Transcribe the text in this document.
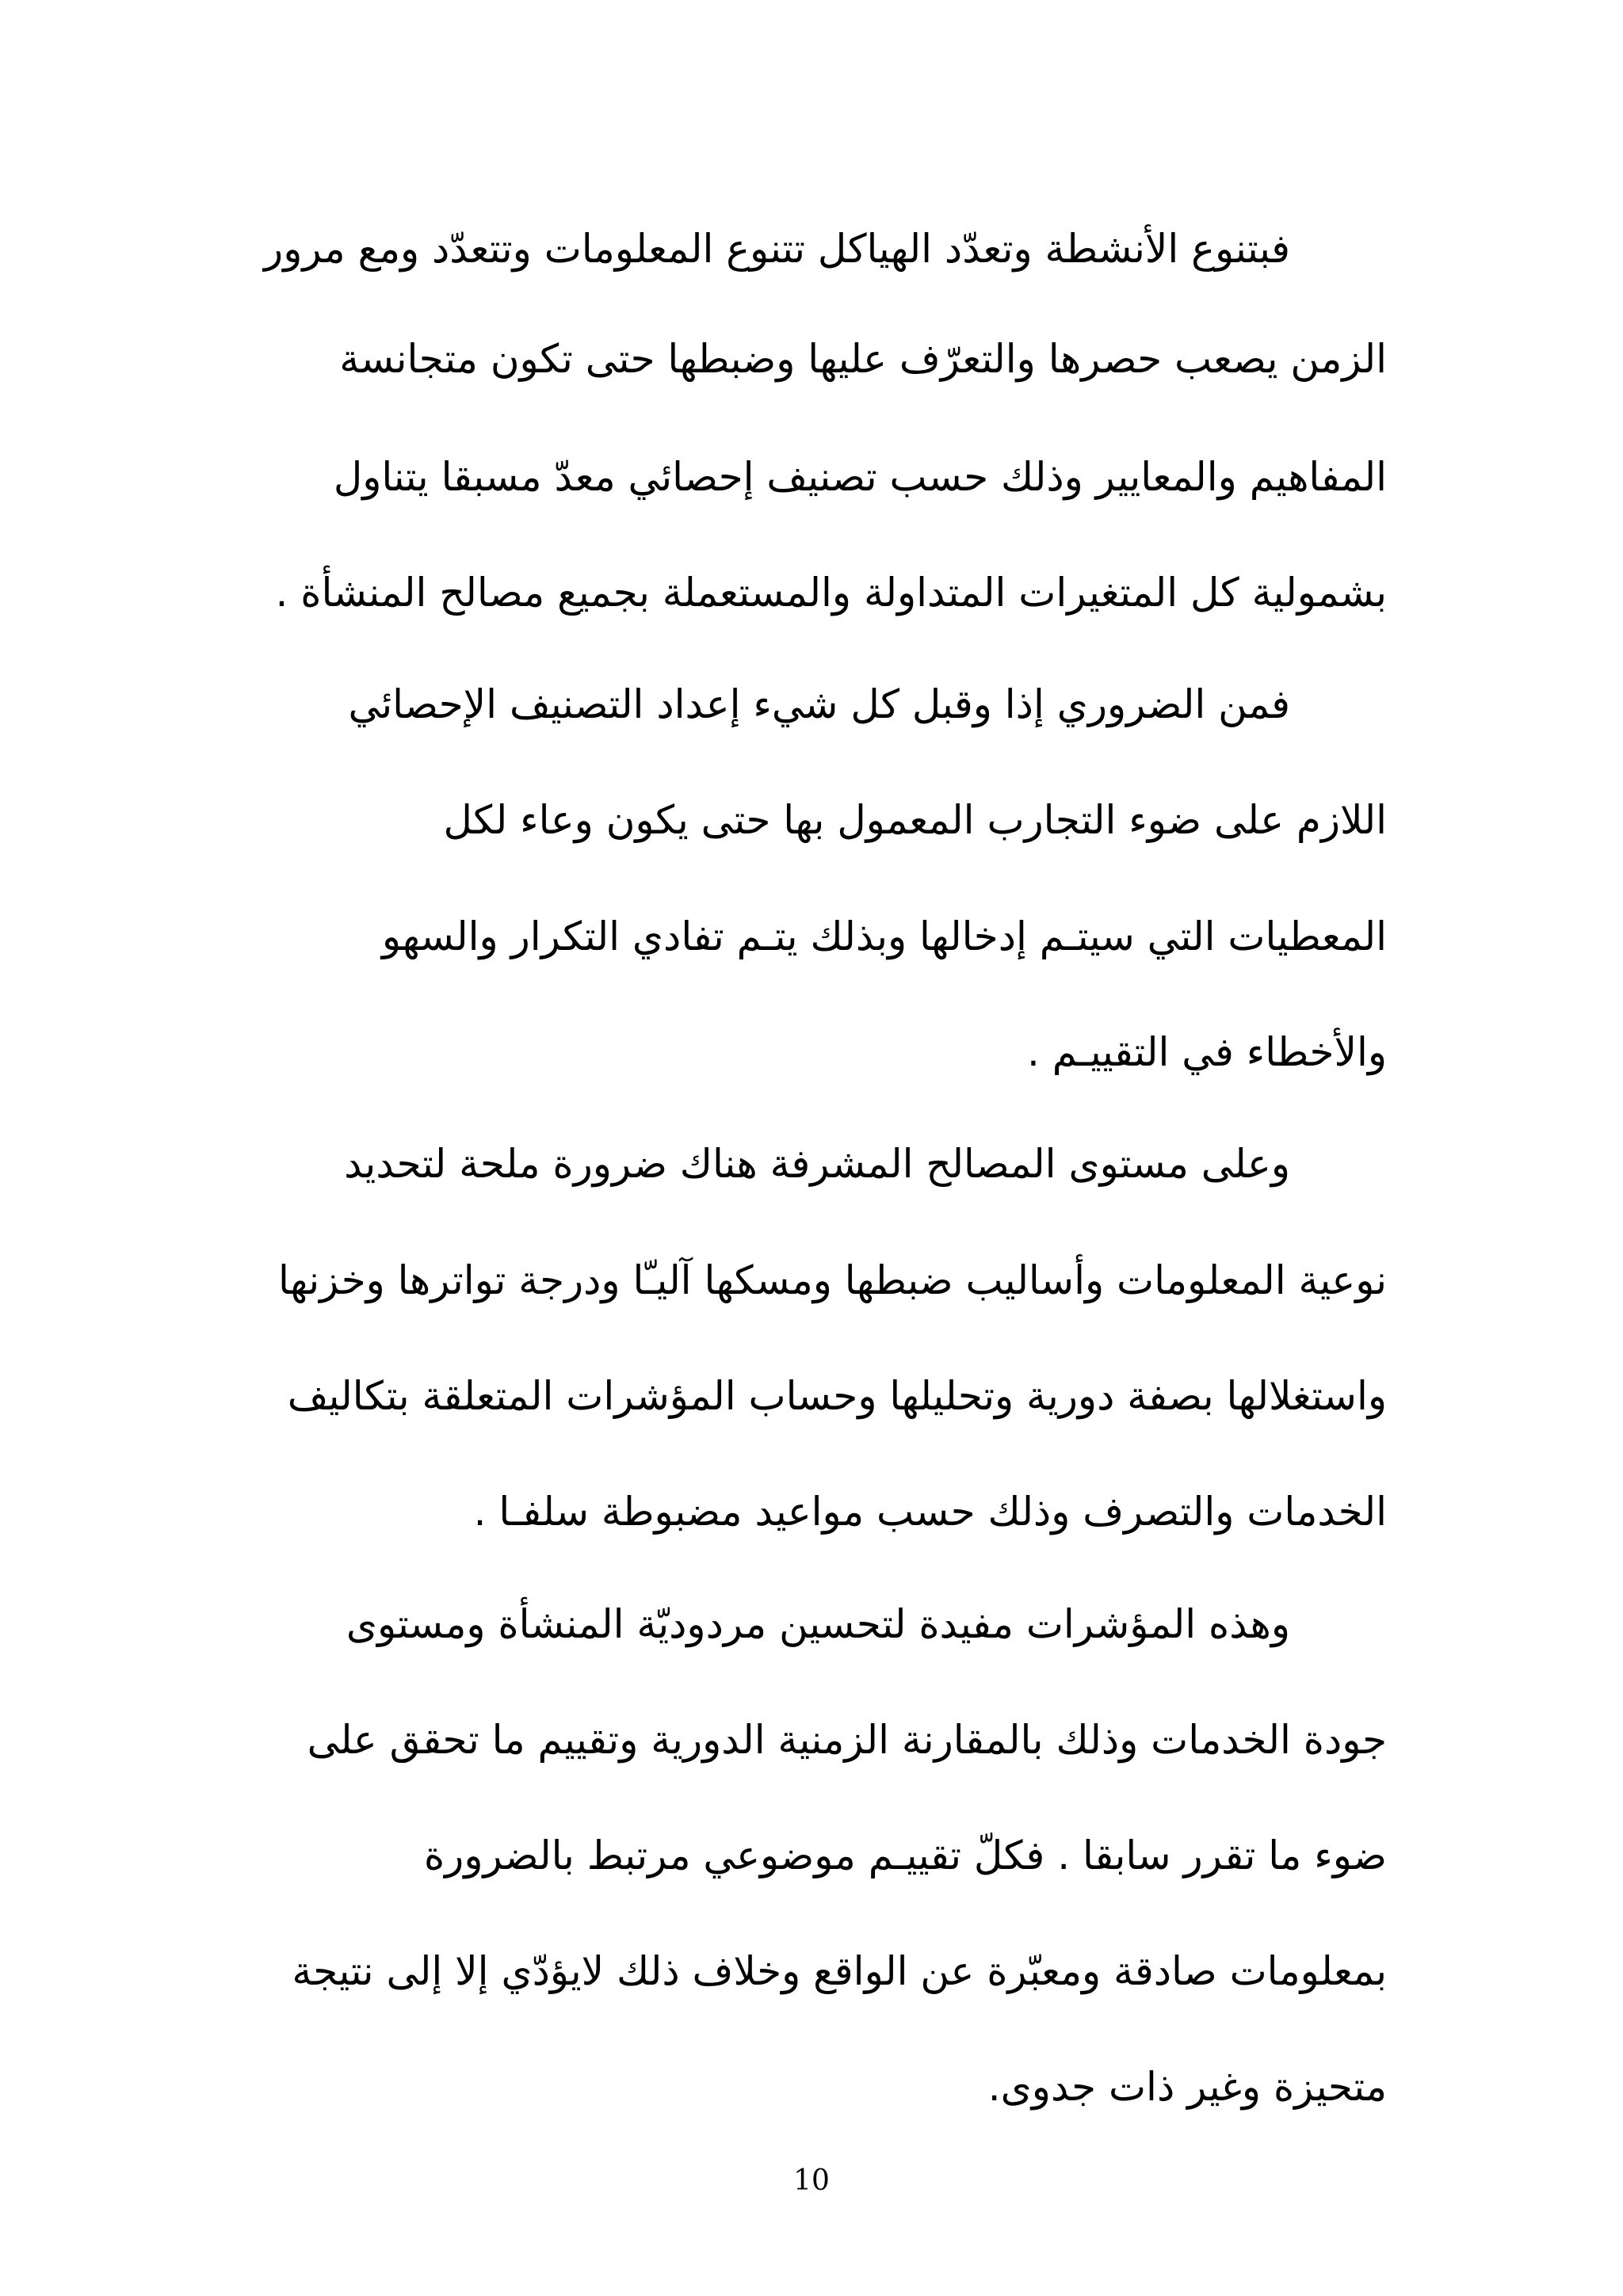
فبتنوع الأنشطة وتعدّد الهياكل تتنوع المعلومات وتتعدّد ومع مرور
الزمن يصعب حصرها والتعرّف عليها وضبطها حتى تكون متجانسة
المفاهيم والمعايير وذلك حسب تصنيف إحصائي معدّ مسبقا يتناول
بشمولية كل المتغيرات المتداولة والمستعملة بجميع مصالح المنشأة .
فمن الضروري إذا وقبل كل شيء إعداد التصنيف الإحصائي
اللازم على ضوء التجارب المعمول بها حتى يكون وعاء لكل
المعطيات التي سيتـم إدخالها وبذلك يتـم تفادي التكرار والسهو
والأخطاء في التقييـم .
وعلى مستوى المصالح المشرفة هناك ضرورة ملحة لتحديد
نوعية المعلومات وأساليب ضبطها ومسكها آليـّا ودرجة تواترها وخزنها
واستغلالها بصفة دورية وتحليلها وحساب المؤشرات المتعلقة بتكاليف
الخدمات والتصرف وذلك حسب مواعيد مضبوطة سلفـا .
وهذه المؤشرات مفيدة لتحسين مردوديّة المنشأة ومستوى
جودة الخدمات وذلك بالمقارنة الزمنية الدورية وتقييم ما تحقق على
ضوء ما تقرر سابقا . فكلّ تقييـم موضوعي مرتبط بالضرورة
بمعلومات صادقة ومعبّرة عن الواقع وخلاف ذلك لايؤدّي إلا إلى نتيجة
متحيزة وغير ذات جدوى.
10
